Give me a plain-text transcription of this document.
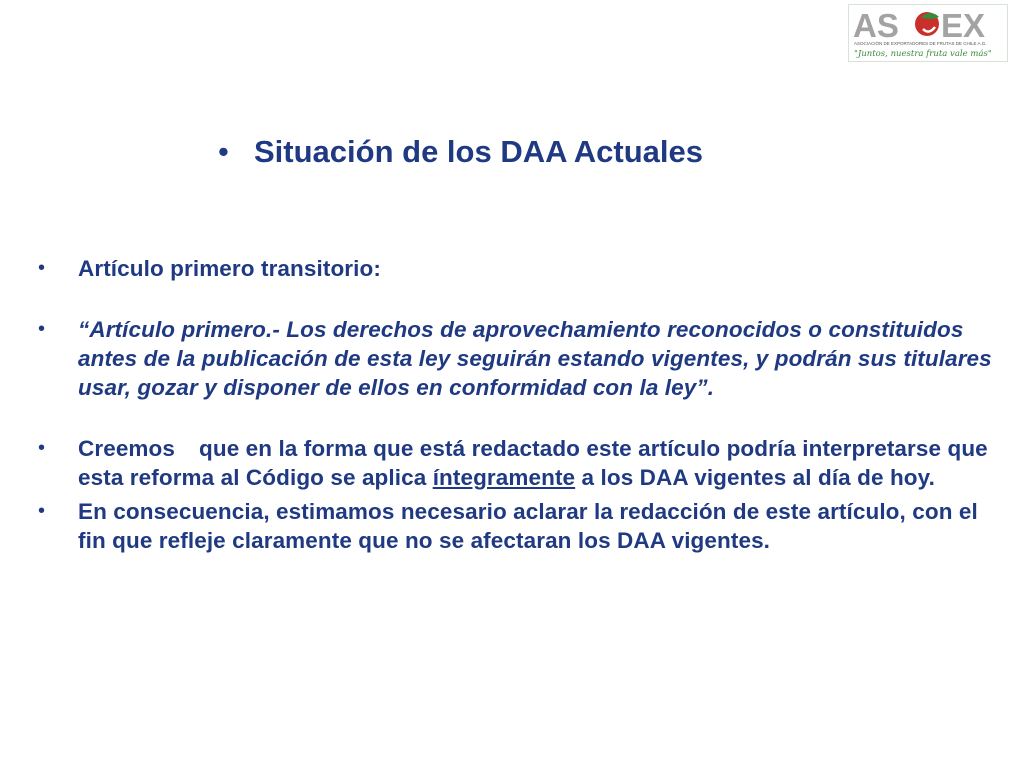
AS EX
ASOCIACIÓN DE EXPORTADORES DE FRUTAS DE CHILE A.G.
"Juntos, nuestra fruta vale más"
• Situación de los DAA Actuales
•	Artículo primero transitorio:
•	“Artículo primero.- Los derechos de aprovechamiento reconocidos o constituidos antes de la publicación de esta ley seguirán estando vigentes, y podrán sus titulares usar, gozar y disponer de ellos en conformidad con la ley”.
•	Creemos que en la forma que está redactado este artículo podría interpretarse que esta reforma al Código se aplica íntegramente a los DAA vigentes al día de hoy.
•	En consecuencia, estimamos necesario aclarar la redacción de este artículo, con el fin que refleje claramente que no se afectaran los DAA vigentes.
